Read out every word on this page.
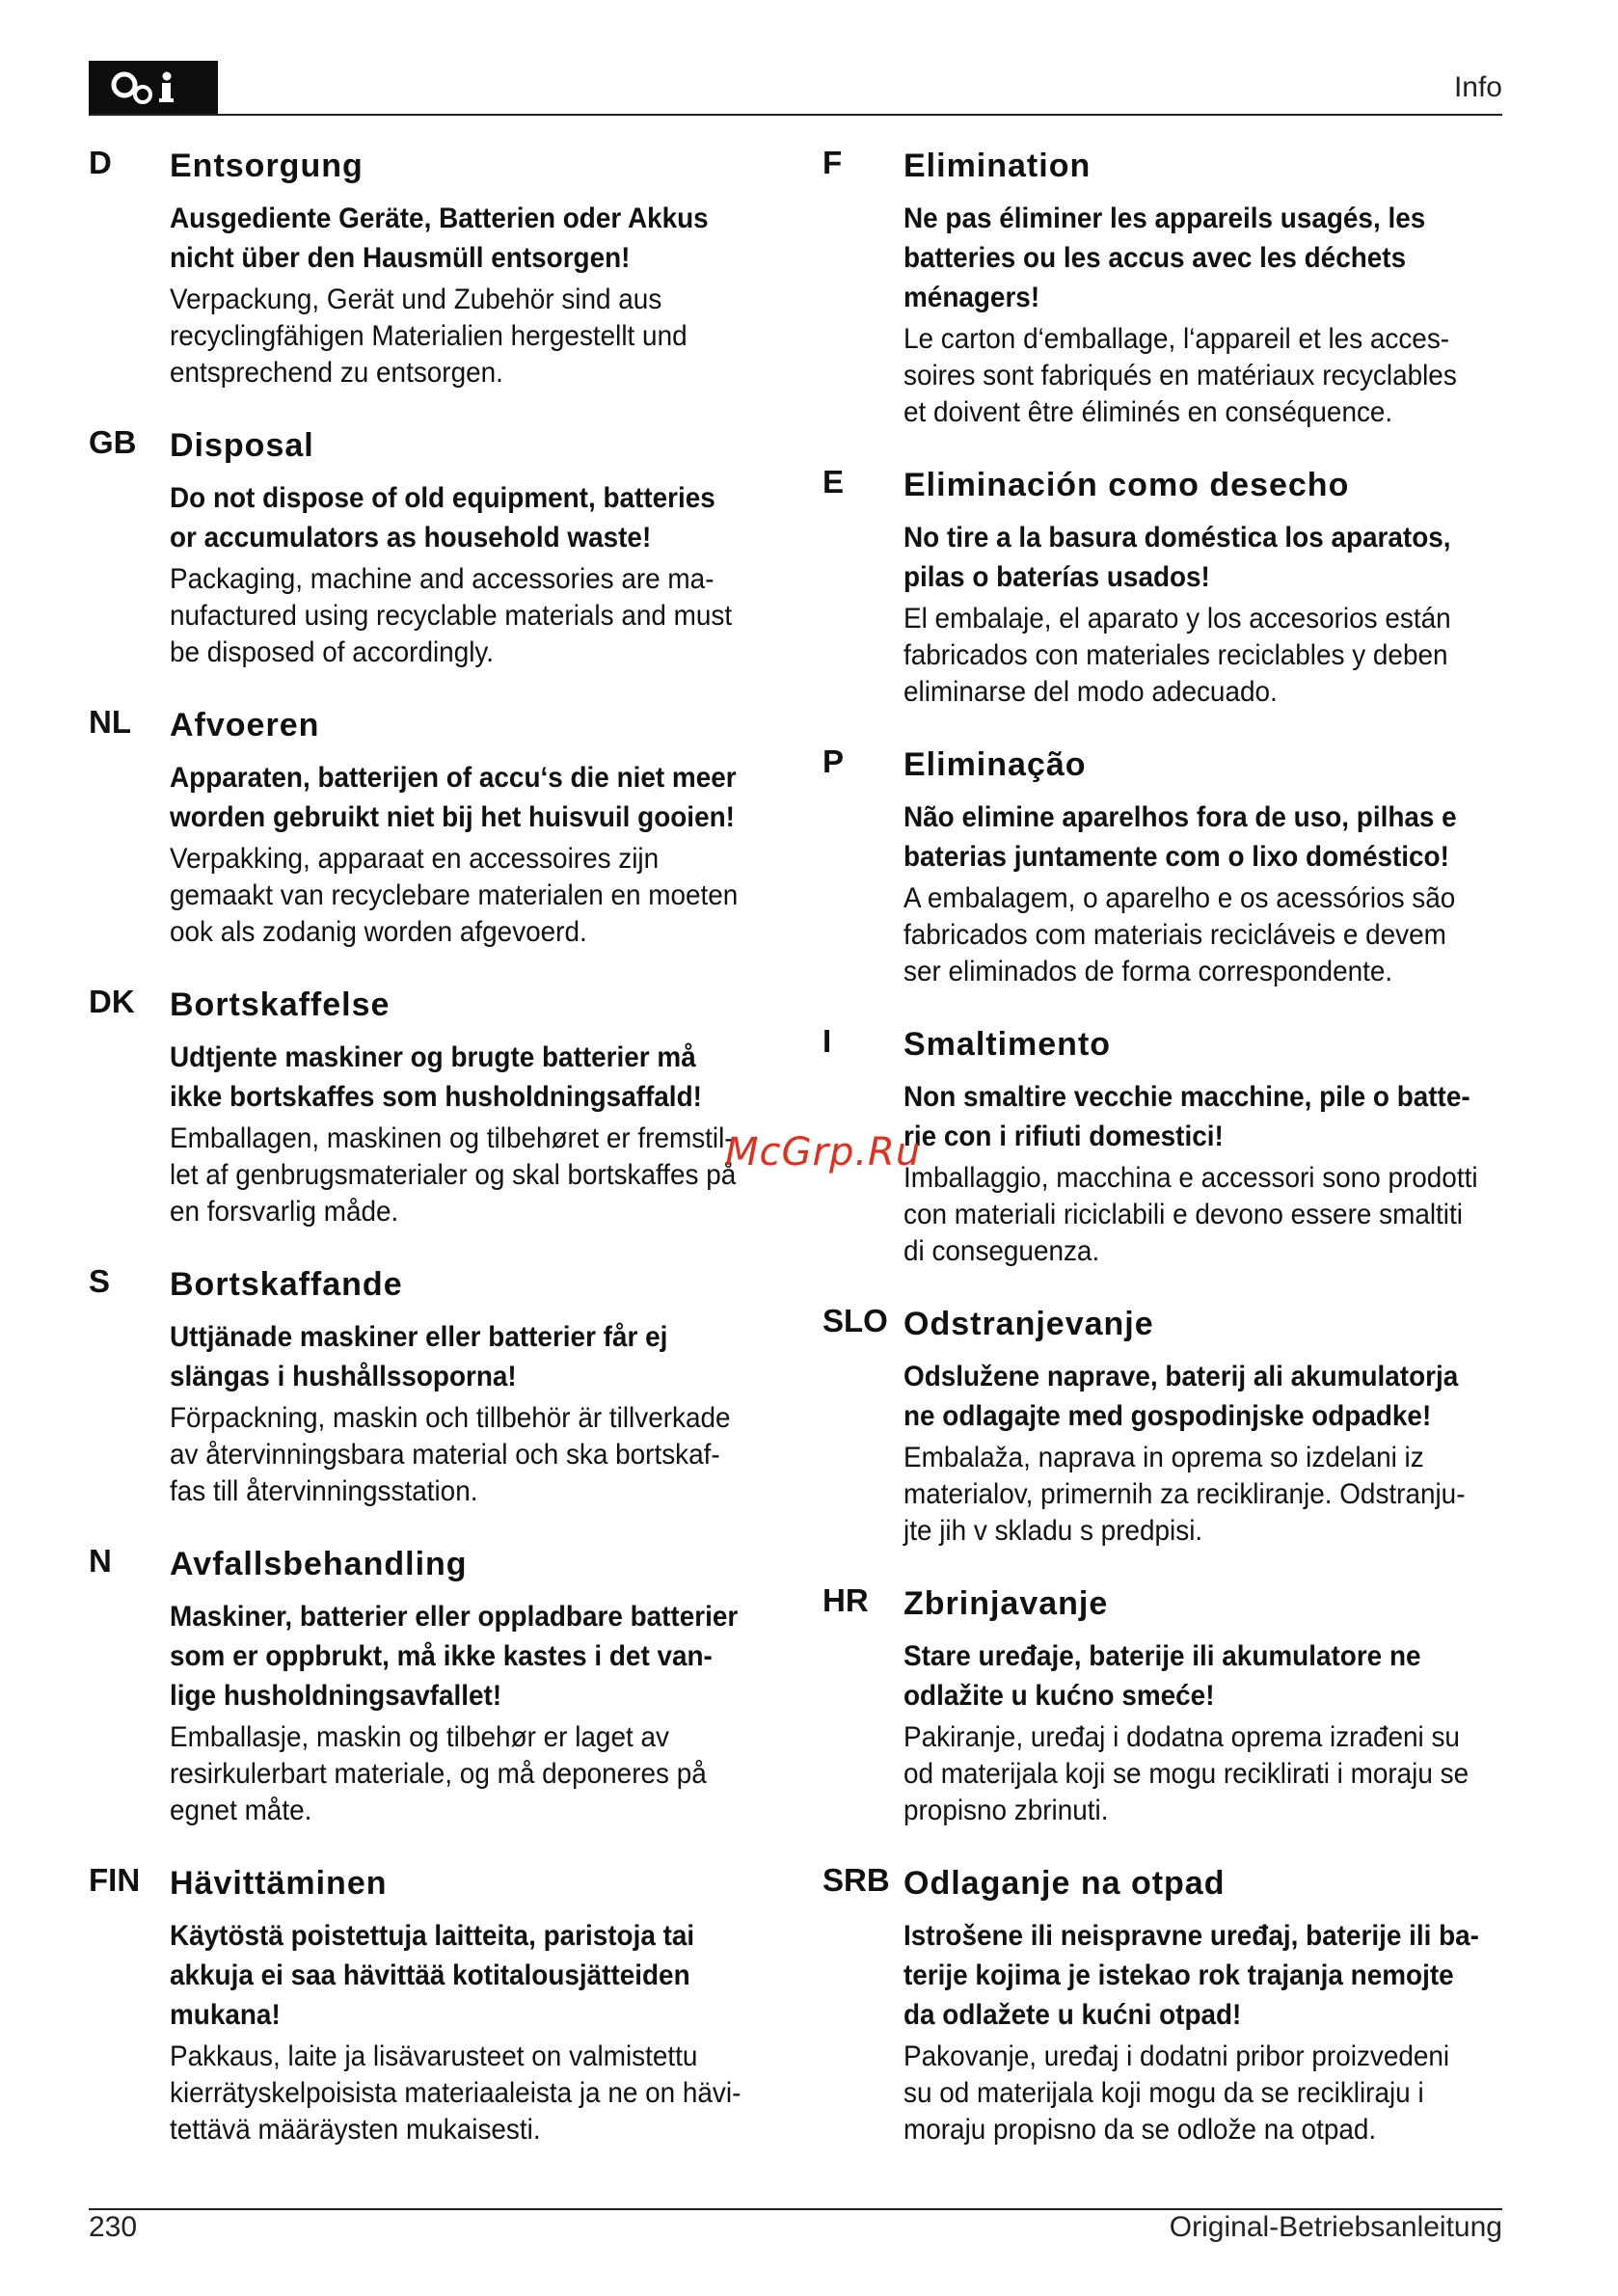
Info
D Entsorgung
Ausgediente Geräte, Batterien oder Akkus
nicht über den Hausmüll entsorgen!
Verpackung, Gerät und Zubehör sind aus
recyclingfähigen Materialien hergestellt und
entsprechend zu entsorgen.
GB Disposal
Do not dispose of old equipment, batteries
or accumulators as household waste!
Packaging, machine and accessories are ma-
nufactured using recyclable materials and must
be disposed of accordingly.
NL Afvoeren
Apparaten, batterijen of accu‘s die niet meer
worden gebruikt niet bij het huisvuil gooien!
Verpakking, apparaat en accessoires zijn
gemaakt van recyclebare materialen en moeten
ook als zodanig worden afgevoerd.
DK Bortskaffelse
Udtjente maskiner og brugte batterier må
ikke bortskaffes som husholdningsaffald!
Emballagen, maskinen og tilbehøret er fremstil-
let af genbrugsmaterialer og skal bortskaffes på
en forsvarlig måde.
S Bortskaffande
Uttjänade maskiner eller batterier får ej
slängas i hushållssoporna!
Förpackning, maskin och tillbehör är tillverkade
av återvinningsbara material och ska bortskaf-
fas till återvinningsstation.
N Avfallsbehandling
Maskiner, batterier eller oppladbare batterier
som er oppbrukt, må ikke kastes i det van-
lige husholdningsavfallet!
Emballasje, maskin og tilbehør er laget av
resirkulerbart materiale, og må deponeres på
egnet måte.
FIN Hävittäminen
Käytöstä poistettuja laitteita, paristoja tai
akkuja ei saa hävittää kotitalousjätteiden
mukana!
Pakkaus, laite ja lisävarusteet on valmistettu
kierrätyskelpoisista materiaaleista ja ne on hävi-
tettävä määräysten mukaisesti.
F Elimination
Ne pas éliminer les appareils usagés, les
batteries ou les accus avec les déchets
ménagers!
Le carton d‘emballage, l‘appareil et les acces-
soires sont fabriqués en matériaux recyclables
et doivent être éliminés en conséquence.
E Eliminación como desecho
No tire a la basura doméstica los aparatos,
pilas o baterías usados!
El embalaje, el aparato y los accesorios están
fabricados con materiales reciclables y deben
eliminarse del modo adecuado.
P Eliminação
Não elimine aparelhos fora de uso, pilhas e
baterias juntamente com o lixo doméstico!
A embalagem, o aparelho e os acessórios são
fabricados com materiais recicláveis e devem
ser eliminados de forma correspondente.
I Smaltimento
Non smaltire vecchie macchine, pile o batte-
rie con i rifiuti domestici!
Imballaggio, macchina e accessori sono prodotti
con materiali riciclabili e devono essere smaltiti
di conseguenza.
SLO Odstranjevanje
Odslužene naprave, baterij ali akumulatorja
ne odlagajte med gospodinjske odpadke!
Embalaža, naprava in oprema so izdelani iz
materialov, primernih za recikliranje. Odstranju-
jte jih v skladu s predpisi.
HR Zbrinjavanje
Stare uređaje, baterije ili akumulatore ne
odlažite u kućno smeće!
Pakiranje, uređaj i dodatna oprema izrađeni su
od materijala koji se mogu reciklirati i moraju se
propisno zbrinuti.
SRB Odlaganje na otpad
Istrošene ili neispravne uređaj, baterije ili ba-
terije kojima je istekao rok trajanja nemojte
da odlažete u kućni otpad!
Pakovanje, uređaj i dodatni pribor proizvedeni
su od materijala koji mogu da se recikliraju i
moraju propisno da se odlože na otpad.
McGrp.Ru
230	Original-Betriebsanleitung
